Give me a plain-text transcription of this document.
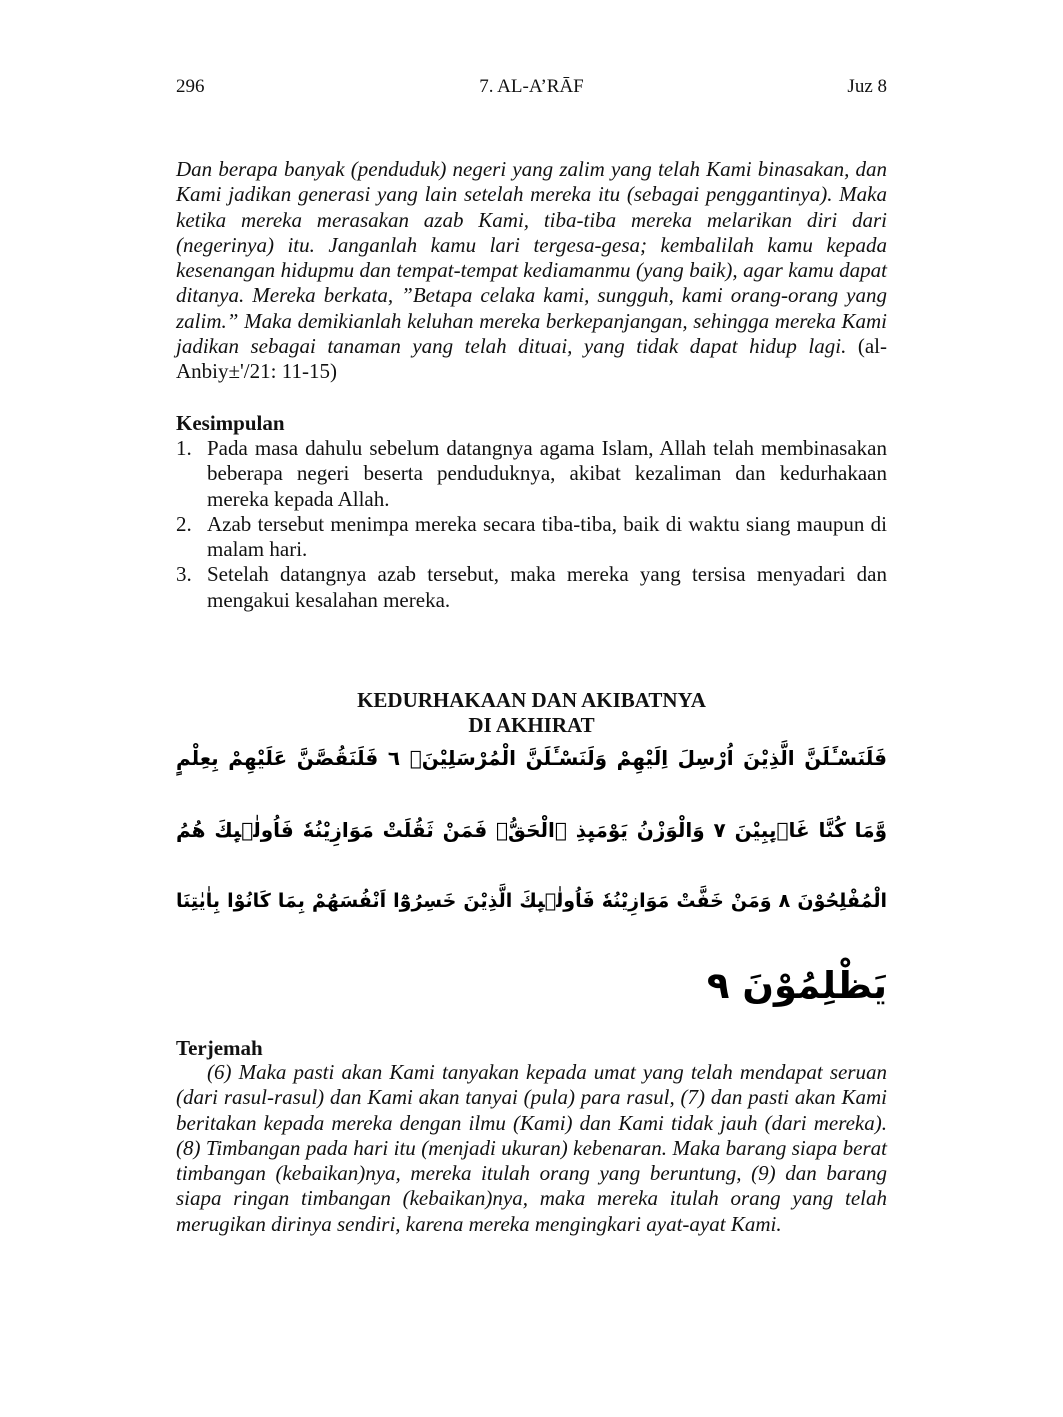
296	7. AL-A’RĀF	Juz 8
Dan berapa banyak (penduduk) negeri yang zalim yang telah Kami binasakan, dan Kami jadikan generasi yang lain setelah mereka itu (sebagai penggantinya). Maka ketika mereka merasakan azab Kami, tiba-tiba mereka melarikan diri dari (negerinya) itu. Janganlah kamu lari tergesa-gesa; kembalilah kamu kepada kesenangan hidupmu dan tempat-tempat kediamanmu (yang baik), agar kamu dapat ditanya. Mereka berkata, ”Betapa celaka kami, sungguh, kami orang-orang yang zalim.” Maka demikianlah keluhan mereka berkepanjangan, sehingga mereka Kami jadikan sebagai tanaman yang telah dituai, yang tidak dapat hidup lagi. (al-Anbiy±'/21: 11-15)
Kesimpulan
1. Pada masa dahulu sebelum datangnya agama Islam, Allah telah membinasakan beberapa negeri beserta penduduknya, akibat kezaliman dan kedurhakaan mereka kepada Allah.
2. Azab tersebut menimpa mereka secara tiba-tiba, baik di waktu siang maupun di malam hari.
3. Setelah datangnya azab tersebut, maka mereka yang tersisa menyadari dan mengakui kesalahan mereka.
KEDURHAKAAN DAN AKIBATNYA
DI AKHIRAT
فَلَنَسْـَٔلَنَّ الَّذِيْنَ اُرْسِلَ اِلَيْهِمْ وَلَنَسْـَٔلَنَّ الْمُرْسَلِيْنَۙ ٦ فَلَنَقُصَّنَّ عَلَيْهِمْ بِعِلْمٍ
وَّمَا كُنَّا غَاۤىِٕبِيْنَ ٧ وَالْوَزْنُ يَوْمَىِٕذِ ۨالْحَقُّۚ فَمَنْ ثَقُلَتْ مَوَازِيْنُهٗ فَاُولٰۤىِٕكَ هُمُ
الْمُفْلِحُوْنَ ٨ وَمَنْ خَفَّتْ مَوَازِيْنُهٗ فَاُولٰۤىِٕكَ الَّذِيْنَ خَسِرُوْٓا اَنْفُسَهُمْ بِمَا كَانُوْا بِاٰيٰتِنَا
يَظْلِمُوْنَ ٩
Terjemah
(6) Maka pasti akan Kami tanyakan kepada umat yang telah mendapat seruan (dari rasul-rasul) dan Kami akan tanyai (pula) para rasul, (7) dan pasti akan Kami beritakan kepada mereka dengan ilmu (Kami) dan Kami tidak jauh (dari mereka). (8) Timbangan pada hari itu (menjadi ukuran) kebenaran. Maka barang siapa berat timbangan (kebaikan)nya, mereka itulah orang yang beruntung, (9) dan barang siapa ringan timbangan (kebaikan)nya, maka mereka itulah orang yang telah merugikan dirinya sendiri, karena mereka mengingkari ayat-ayat Kami.
